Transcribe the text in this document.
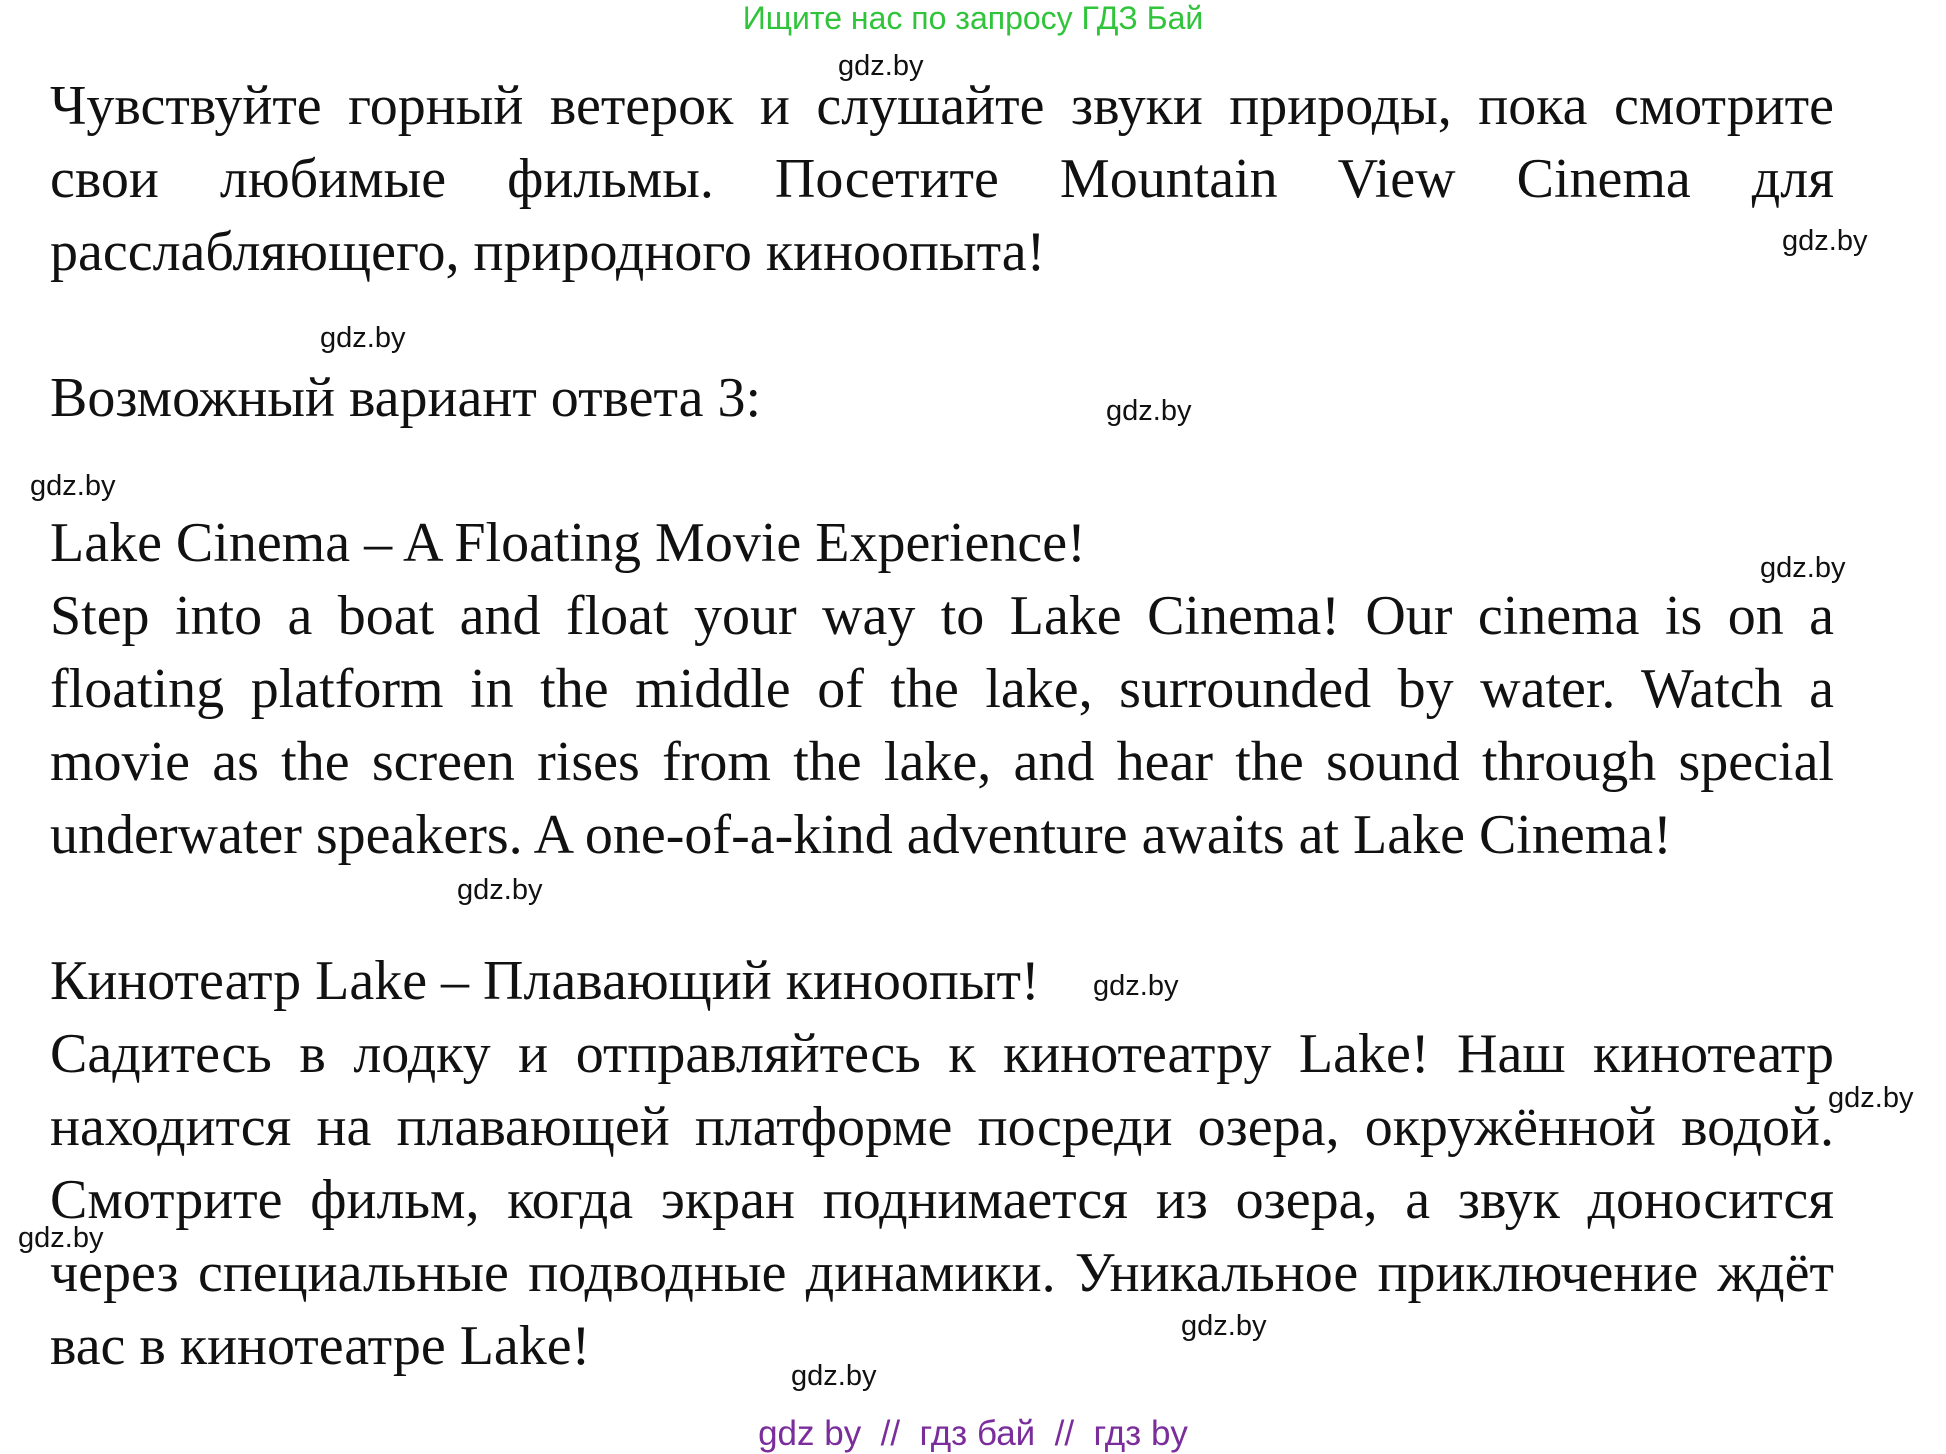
Ищите нас по запросу ГДЗ Бай
gdz.by

Чувствуйте горный ветерок и слушайте звуки природы, пока смотрите свои любимые фильмы. Посетите Mountain View Cinema для расслабляющего, природного киноопыта!	gdz.by
gdz.by
Возможный вариант ответа 3:	gdz.by
gdz.by
Lake Cinema – A Floating Movie Experience!	gdz.by

Step into a boat and float your way to Lake Cinema! Our cinema is on a floating platform in the middle of the lake, surrounded by water. Watch a movie as the screen rises from the lake, and hear the sound through special underwater speakers. A one-of-a-kind adventure awaits at Lake Cinema!

gdz.by
Кинотеатр Lake – Плавающий киноопыт!	gdz.by

Садитесь в лодку и отправляйтесь к кинотеатру Lake! Наш кинотеатр находится на плавающей платформе посреди озера, окружённой водой. Смотрите фильм, когда экран поднимается из озера, а звук доносится через специальные подводные динамики. Уникальное приключение ждёт вас в кинотеатре Lake!

gdz.by
gdz.by
gdz.by
gdz.by
gdz by  //  гдз бай  //  гдз by
